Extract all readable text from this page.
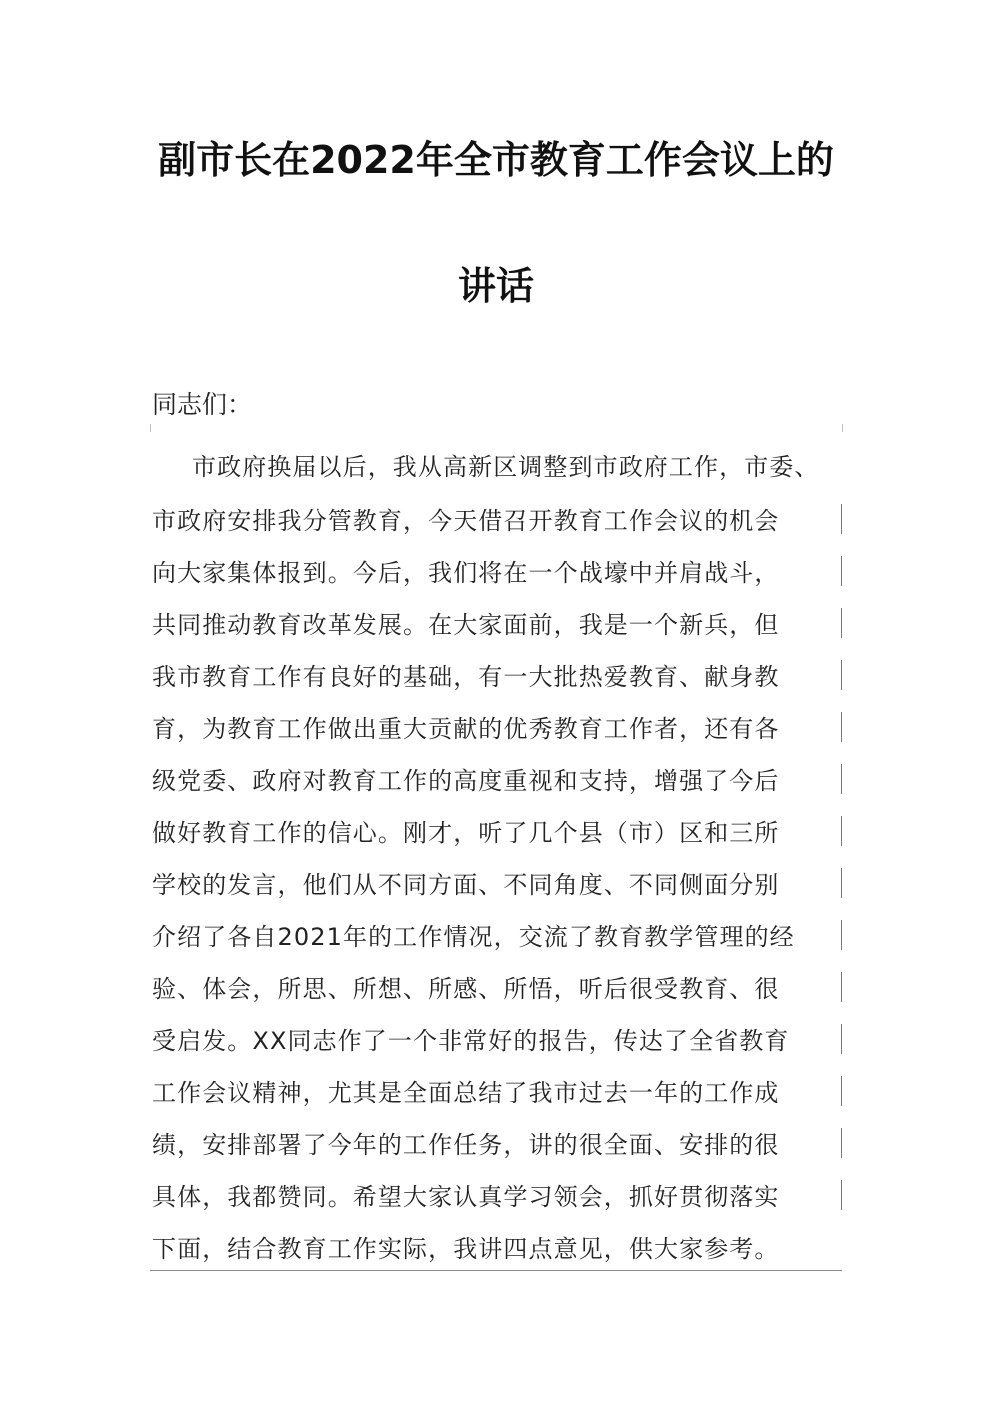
副市长在2022年全市教育工作会议上的
讲话
同志们：
市政府换届以后，我从高新区调整到市政府工作，市委、
市政府安排我分管教育，今天借召开教育工作会议的机会
向大家集体报到。今后，我们将在一个战壕中并肩战斗，
共同推动教育改革发展。在大家面前，我是一个新兵，但
我市教育工作有良好的基础，有一大批热爱教育、献身教
育，为教育工作做出重大贡献的优秀教育工作者，还有各
级党委、政府对教育工作的高度重视和支持，增强了今后
做好教育工作的信心。刚才，听了几个县（市）区和三所
学校的发言，他们从不同方面、不同角度、不同侧面分别
介绍了各自2021年的工作情况，交流了教育教学管理的经
验、体会，所思、所想、所感、所悟，听后很受教育、很
受启发。XX同志作了一个非常好的报告，传达了全省教育
工作会议精神，尤其是全面总结了我市过去一年的工作成
绩，安排部署了今年的工作任务，讲的很全面、安排的很
具体，我都赞同。希望大家认真学习领会，抓好贯彻落实
下面，结合教育工作实际，我讲四点意见，供大家参考。
